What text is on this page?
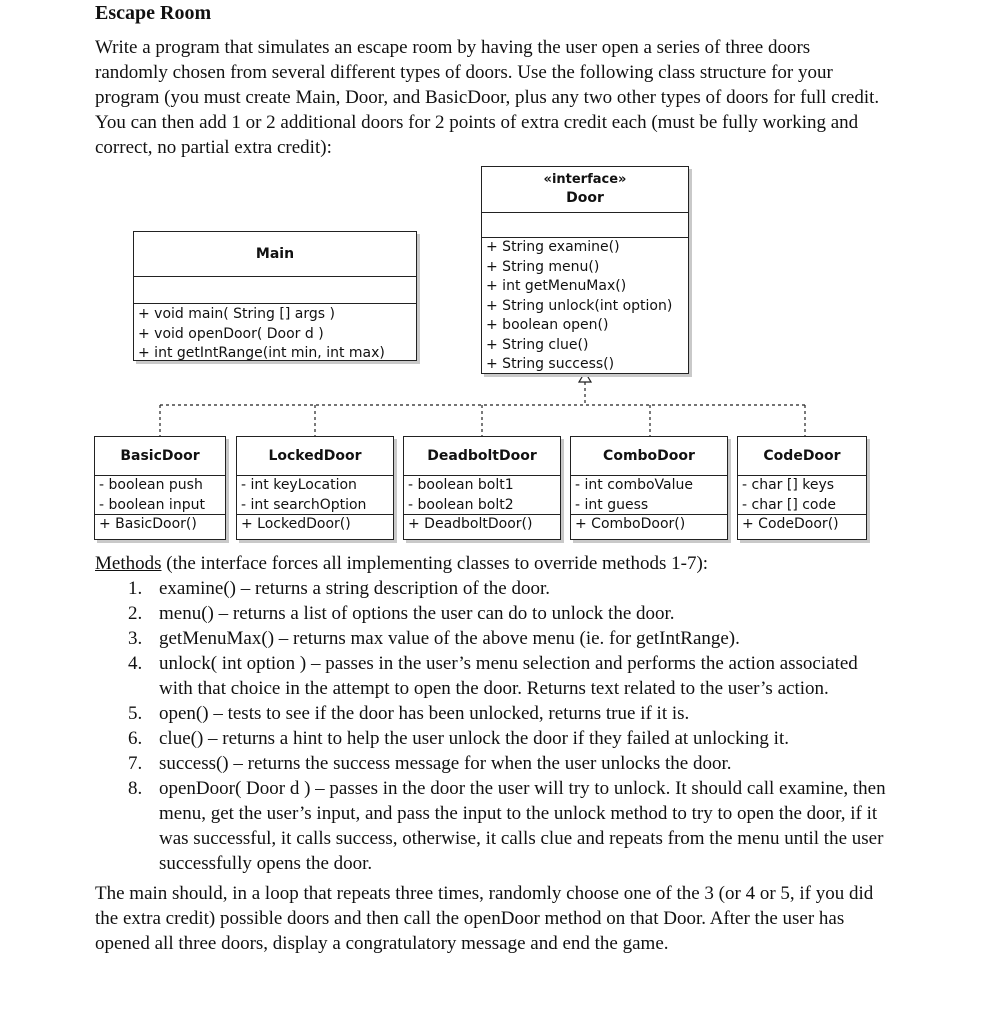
Escape Room
Write a program that simulates an escape room by having the user open a series of three doors randomly chosen from several different types of doors. Use the following class structure for your program (you must create Main, Door, and BasicDoor, plus any two other types of doors for full credit. You can then add 1 or 2 additional doors for 2 points of extra credit each (must be fully working and correct, no partial extra credit):
Main
+ void main( String [] args )
+ void openDoor( Door d )
+ int getIntRange(int min, int max)
«interface»
Door
+ String examine()
+ String menu()
+ int getMenuMax()
+ String unlock(int option)
+ boolean open()
+ String clue()
+ String success()
BasicDoor
- boolean push
- boolean input
+ BasicDoor()
LockedDoor
- int keyLocation
- int searchOption
+ LockedDoor()
DeadboltDoor
- boolean bolt1
- boolean bolt2
+ DeadboltDoor()
ComboDoor
- int comboValue
- int guess
+ ComboDoor()
CodeDoor
- char [] keys
- char [] code
+ CodeDoor()

Methods (the interface forces all implementing classes to override methods 1-7):

1. examine() – returns a string description of the door.
2. menu() – returns a list of options the user can do to unlock the door.
3. getMenuMax() – returns max value of the above menu (ie. for getIntRange).
4. unlock( int option ) – passes in the user’s menu selection and performs the action associated with that choice in the attempt to open the door. Returns text related to the user’s action.
5. open() – tests to see if the door has been unlocked, returns true if it is.
6. clue() – returns a hint to help the user unlock the door if they failed at unlocking it.
7. success() – returns the success message for when the user unlocks the door.
8. openDoor( Door d ) – passes in the door the user will try to unlock. It should call examine, then menu, get the user’s input, and pass the input to the unlock method to try to open the door, if it was successful, it calls success, otherwise, it calls clue and repeats from the menu until the user successfully opens the door.
The main should, in a loop that repeats three times, randomly choose one of the 3 (or 4 or 5, if you did the extra credit) possible doors and then call the openDoor method on that Door. After the user has opened all three doors, display a congratulatory message and end the game.
